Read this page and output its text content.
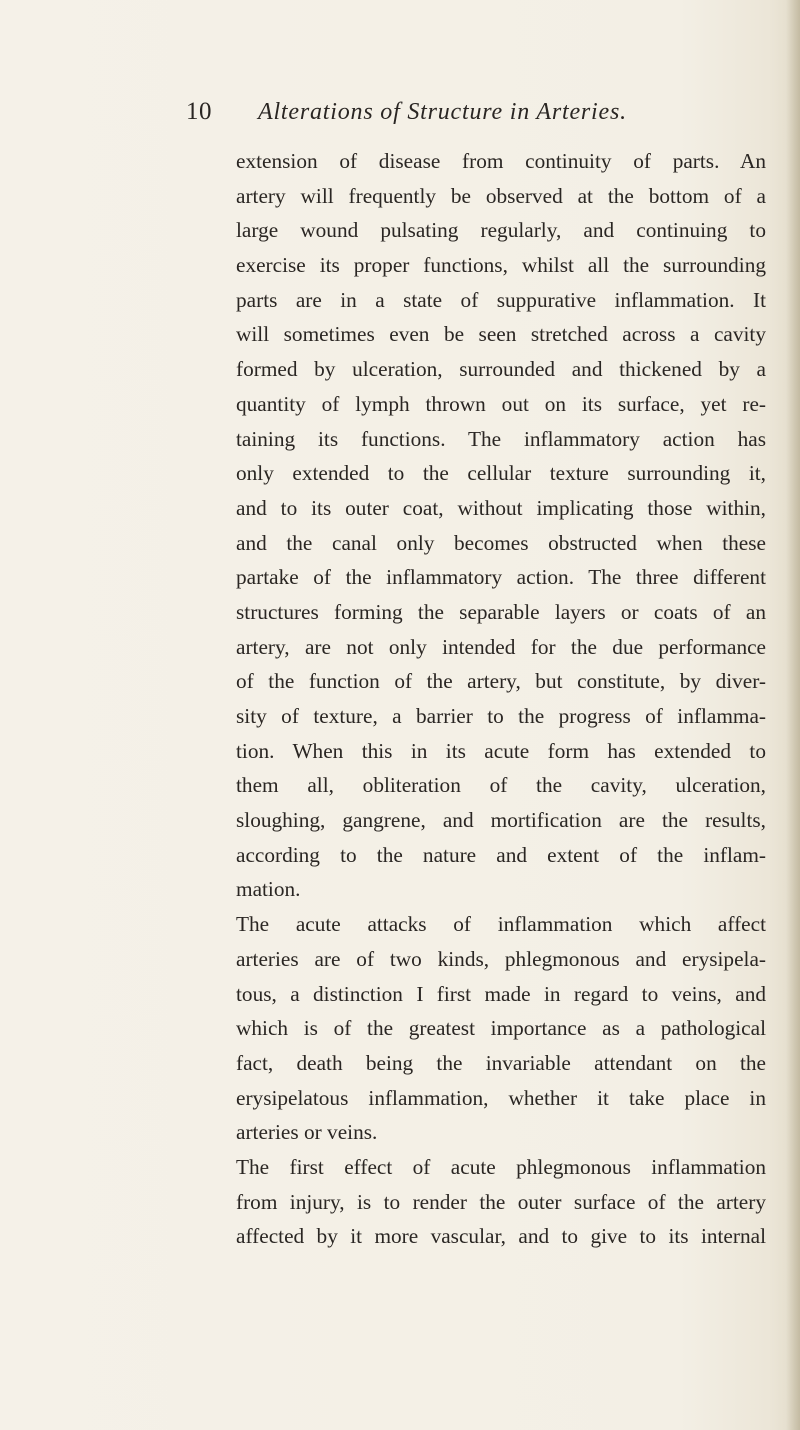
10 Alterations of Structure in Arteries.
extension of disease from continuity of parts. An
artery will frequently be observed at the bottom of a
large wound pulsating regularly, and continuing to
exercise its proper functions, whilst all the surrounding
parts are in a state of suppurative inflammation. It
will sometimes even be seen stretched across a cavity
formed by ulceration, surrounded and thickened by a
quantity of lymph thrown out on its surface, yet re-
taining its functions. The inflammatory action has
only extended to the cellular texture surrounding it,
and to its outer coat, without implicating those within,
and the canal only becomes obstructed when these
partake of the inflammatory action. The three different
structures forming the separable layers or coats of an
artery, are not only intended for the due performance
of the function of the artery, but constitute, by diver-
sity of texture, a barrier to the progress of inflamma-
tion. When this in its acute form has extended to
them all, obliteration of the cavity, ulceration,
sloughing, gangrene, and mortification are the results,
according to the nature and extent of the inflam-
mation.
The acute attacks of inflammation which affect
arteries are of two kinds, phlegmonous and erysipela-
tous, a distinction I first made in regard to veins, and
which is of the greatest importance as a pathological
fact, death being the invariable attendant on the
erysipelatous inflammation, whether it take place in
arteries or veins.
The first effect of acute phlegmonous inflammation
from injury, is to render the outer surface of the artery
affected by it more vascular, and to give to its internal
